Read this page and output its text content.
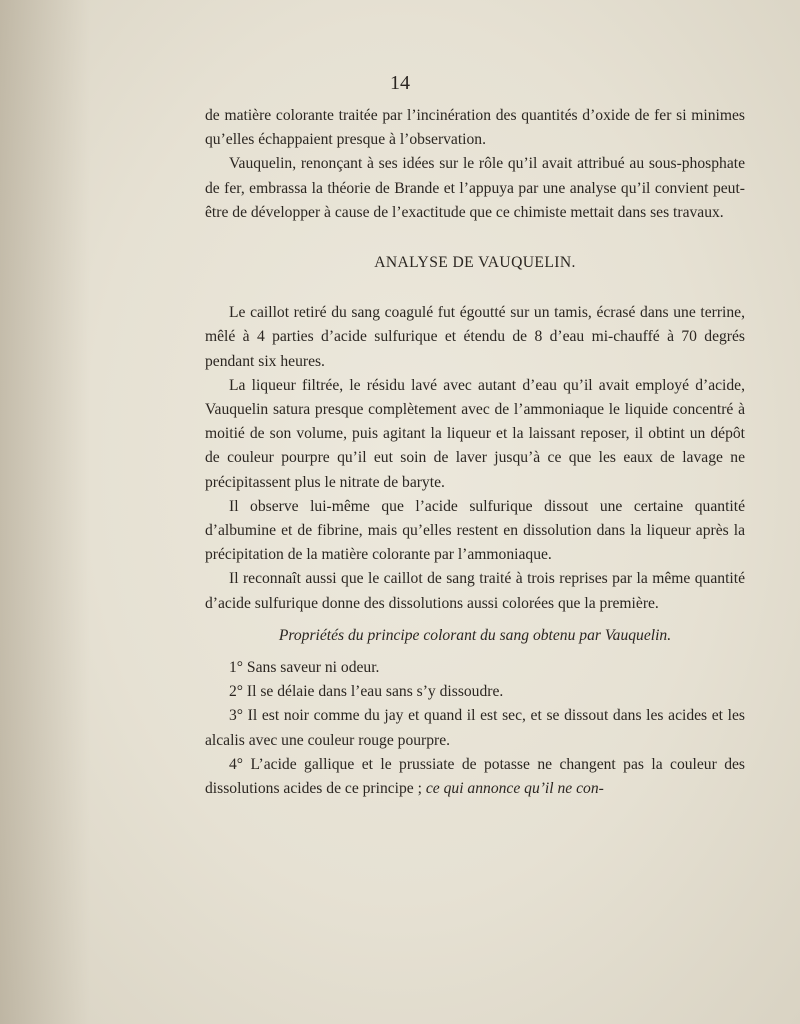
14

de matière colorante traitée par l’incinération des quantités d’oxide de fer si minimes qu’elles échappaient presque à l’observation.

Vauquelin, renonçant à ses idées sur le rôle qu’il avait attribué au sous-phosphate de fer, embrassa la théorie de Brande et l’appuya par une analyse qu’il convient peut-être de développer à cause de l’exactitude que ce chimiste mettait dans ses travaux.

ANALYSE DE VAUQUELIN.

Le caillot retiré du sang coagulé fut égoutté sur un tamis, écrasé dans une terrine, mêlé à 4 parties d’acide sulfurique et étendu de 8 d’eau mi-chauffé à 70 degrés pendant six heures.

La liqueur filtrée, le résidu lavé avec autant d’eau qu’il avait employé d’acide, Vauquelin satura presque complètement avec de l’ammoniaque le liquide concentré à moitié de son volume, puis agitant la liqueur et la laissant reposer, il obtint un dépôt de couleur pourpre qu’il eut soin de laver jusqu’à ce que les eaux de lavage ne précipitassent plus le nitrate de baryte.

Il observe lui-même que l’acide sulfurique dissout une certaine quantité d’albumine et de fibrine, mais qu’elles restent en dissolution dans la liqueur après la précipitation de la matière colorante par l’ammoniaque.

Il reconnaît aussi que le caillot de sang traité à trois reprises par la même quantité d’acide sulfurique donne des dissolutions aussi colorées que la première.

Propriétés du principe colorant du sang obtenu par Vauquelin.

1° Sans saveur ni odeur.

2° Il se délaie dans l’eau sans s’y dissoudre.

3° Il est noir comme du jay et quand il est sec, et se dissout dans les acides et les alcalis avec une couleur rouge pourpre.

4° L’acide gallique et le prussiate de potasse ne changent pas la couleur des dissolutions acides de ce principe ; ce qui annonce qu’il ne con-
